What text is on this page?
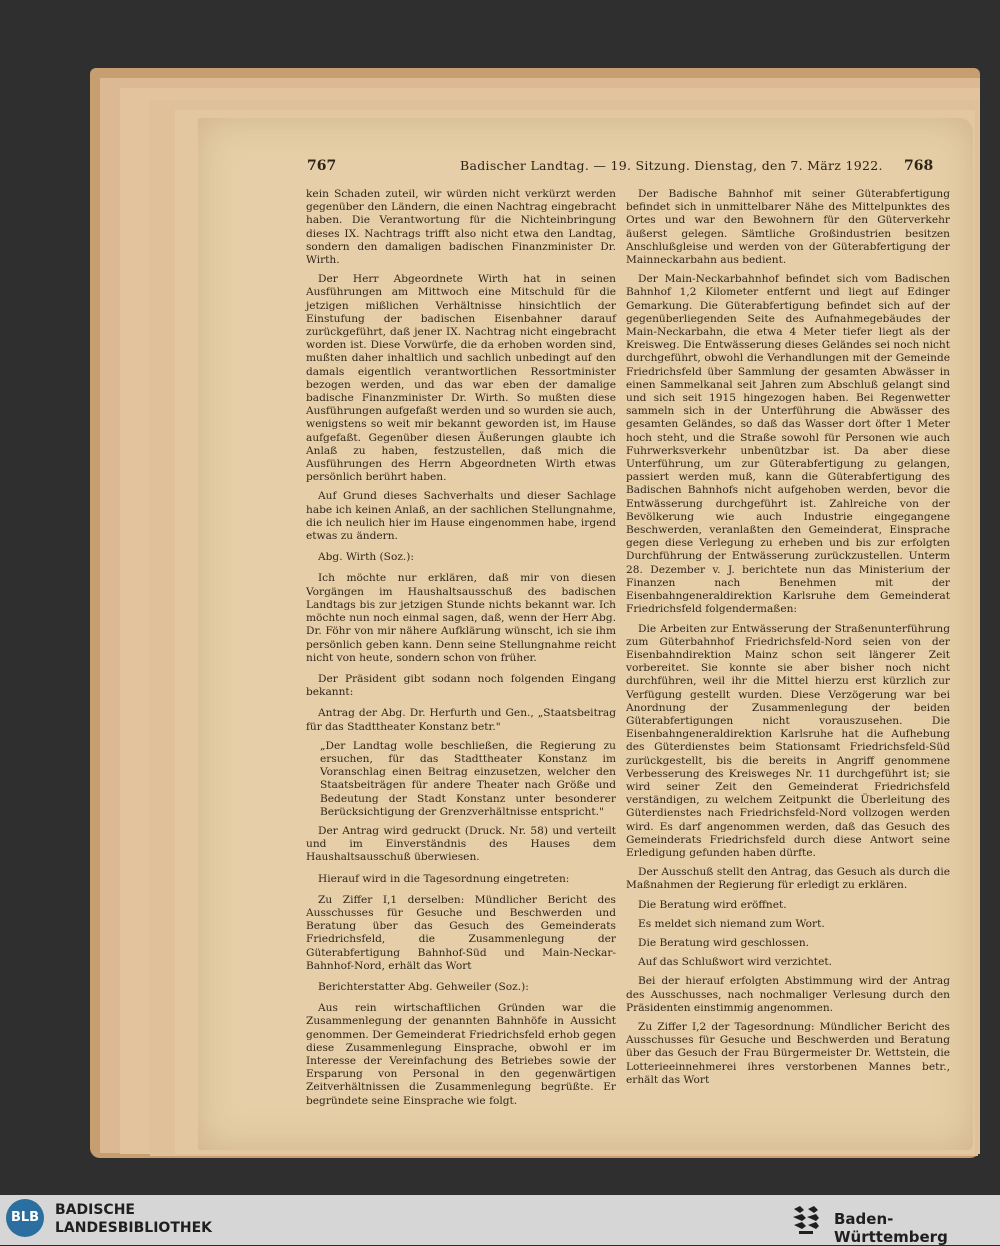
767	Badischer Landtag. — 19. Sitzung. Dienstag, den 7. März 1922. 768

kein Schaden zuteil, wir würden nicht verkürzt werden gegenüber den Ländern, die einen Nachtrag eingebracht haben. Die Verantwortung für die Nichteinbringung dieses IX. Nachtrags trifft also nicht etwa den Landtag, sondern den damaligen badischen Finanzminister Dr. Wirth.

Der Herr Abgeordnete Wirth hat in seinen Ausführungen am Mittwoch eine Mitschuld für die jetzigen mißlichen Verhältnisse hinsichtlich der Einstufung der badischen Eisenbahner darauf zurückgeführt, daß jener IX. Nachtrag nicht eingebracht worden ist. Diese Vorwürfe, die da erhoben worden sind, mußten daher inhaltlich und sachlich unbedingt auf den damals eigentlich verantwortlichen Ressortminister bezogen werden, und das war eben der damalige badische Finanzminister Dr. Wirth. So mußten diese Ausführungen aufgefaßt werden und so wurden sie auch, wenigstens so weit mir bekannt geworden ist, im Hause aufgefaßt. Gegenüber diesen Äußerungen glaubte ich Anlaß zu haben, festzustellen, daß mich die Ausführungen des Herrn Abgeordneten Wirth etwas persönlich berührt haben.

Auf Grund dieses Sachverhalts und dieser Sachlage habe ich keinen Anlaß, an der sachlichen Stellungnahme, die ich neulich hier im Hause eingenommen habe, irgend etwas zu ändern.

Abg. Wirth (Soz.):

Ich möchte nur erklären, daß mir von diesen Vorgängen im Haushaltsausschuß des badischen Landtags bis zur jetzigen Stunde nichts bekannt war. Ich möchte nun noch einmal sagen, daß, wenn der Herr Abg. Dr. Föhr von mir nähere Aufklärung wünscht, ich sie ihm persönlich geben kann. Denn seine Stellungnahme reicht nicht von heute, sondern schon von früher.

Der Präsident gibt sodann noch folgenden Eingang bekannt:

Antrag der Abg. Dr. Herfurth und Gen., „Staatsbeitrag für das Stadttheater Konstanz betr."

„Der Landtag wolle beschließen, die Regierung zu ersuchen, für das Stadttheater Konstanz im Voranschlag einen Beitrag einzusetzen, welcher den Staatsbeiträgen für andere Theater nach Größe und Bedeutung der Stadt Konstanz unter besonderer Berücksichtigung der Grenzverhältnisse entspricht."

Der Antrag wird gedruckt (Druck. Nr. 58) und verteilt und im Einverständnis des Hauses dem Haushaltsausschuß überwiesen.

Hierauf wird in die Tagesordnung eingetreten:

Zu Ziffer I,1 derselben: Mündlicher Bericht des Ausschusses für Gesuche und Beschwerden und Beratung über das Gesuch des Gemeinderats Friedrichsfeld, die Zusammenlegung der Güterabfertigung Bahnhof-Süd und Main-Neckar-Bahnhof-Nord, erhält das Wort

Berichterstatter Abg. Gehweiler (Soz.):

Aus rein wirtschaftlichen Gründen war die Zusammenlegung der genannten Bahnhöfe in Aussicht genommen. Der Gemeinderat Friedrichsfeld erhob gegen diese Zusammenlegung Einsprache, obwohl er im Interesse der Vereinfachung des Betriebes sowie der Ersparung von Personal in den gegenwärtigen Zeitverhältnissen die Zusammenlegung begrüßte. Er begründete seine Einsprache wie folgt.

Der Badische Bahnhof mit seiner Güterabfertigung befindet sich in unmittelbarer Nähe des Mittelpunktes des Ortes und war den Bewohnern für den Güterverkehr äußerst gelegen. Sämtliche Großindustrien besitzen Anschlußgleise und werden von der Güterabfertigung der Mainneckarbahn aus bedient.

Der Main-Neckarbahnhof befindet sich vom Badischen Bahnhof 1,2 Kilometer entfernt und liegt auf Edinger Gemarkung. Die Güterabfertigung befindet sich auf der gegenüberliegenden Seite des Aufnahmegebäudes der Main-Neckarbahn, die etwa 4 Meter tiefer liegt als der Kreisweg. Die Entwässerung dieses Geländes sei noch nicht durchgeführt, obwohl die Verhandlungen mit der Gemeinde Friedrichsfeld über Sammlung der gesamten Abwässer in einen Sammelkanal seit Jahren zum Abschluß gelangt sind und sich seit 1915 hingezogen haben. Bei Regenwetter sammeln sich in der Unterführung die Abwässer des gesamten Geländes, so daß das Wasser dort öfter 1 Meter hoch steht, und die Straße sowohl für Personen wie auch Fuhrwerksverkehr unbenützbar ist. Da aber diese Unterführung, um zur Güterabfertigung zu gelangen, passiert werden muß, kann die Güterabfertigung des Badischen Bahnhofs nicht aufgehoben werden, bevor die Entwässerung durchgeführt ist. Zahlreiche von der Bevölkerung wie auch Industrie eingegangene Beschwerden, veranlaßten den Gemeinderat, Einsprache gegen diese Verlegung zu erheben und bis zur erfolgten Durchführung der Entwässerung zurückzustellen. Unterm 28. Dezember v. J. berichtete nun das Ministerium der Finanzen nach Benehmen mit der Eisenbahngeneraldirektion Karlsruhe dem Gemeinderat Friedrichsfeld folgendermaßen:

Die Arbeiten zur Entwässerung der Straßenunterführung zum Güterbahnhof Friedrichsfeld-Nord seien von der Eisenbahndirektion Mainz schon seit längerer Zeit vorbereitet. Sie konnte sie aber bisher noch nicht durchführen, weil ihr die Mittel hierzu erst kürzlich zur Verfügung gestellt wurden. Diese Verzögerung war bei Anordnung der Zusammenlegung der beiden Güterabfertigungen nicht vorauszusehen. Die Eisenbahngeneraldirektion Karlsruhe hat die Aufhebung des Güterdienstes beim Stationsamt Friedrichsfeld-Süd zurückgestellt, bis die bereits in Angriff genommene Verbesserung des Kreisweges Nr. 11 durchgeführt ist; sie wird seiner Zeit den Gemeinderat Friedrichsfeld verständigen, zu welchem Zeitpunkt die Überleitung des Güterdienstes nach Friedrichsfeld-Nord vollzogen werden wird. Es darf angenommen werden, daß das Gesuch des Gemeinderats Friedrichsfeld durch diese Antwort seine Erledigung gefunden haben dürfte.

Der Ausschuß stellt den Antrag, das Gesuch als durch die Maßnahmen der Regierung für erledigt zu erklären.

Die Beratung wird eröffnet.

Es meldet sich niemand zum Wort.

Die Beratung wird geschlossen.

Auf das Schlußwort wird verzichtet.

Bei der hierauf erfolgten Abstimmung wird der Antrag des Ausschusses, nach nochmaliger Verlesung durch den Präsidenten einstimmig angenommen.

Zu Ziffer I,2 der Tagesordnung: Mündlicher Bericht des Ausschusses für Gesuche und Beschwerden und Beratung über das Gesuch der Frau Bürgermeister Dr. Wettstein, die Lotterieeinnehmerei ihres verstorbenen Mannes betr., erhält das Wort

BLB	BADISCHE
LANDESBIBLIOTHEK	Baden-Württemberg
